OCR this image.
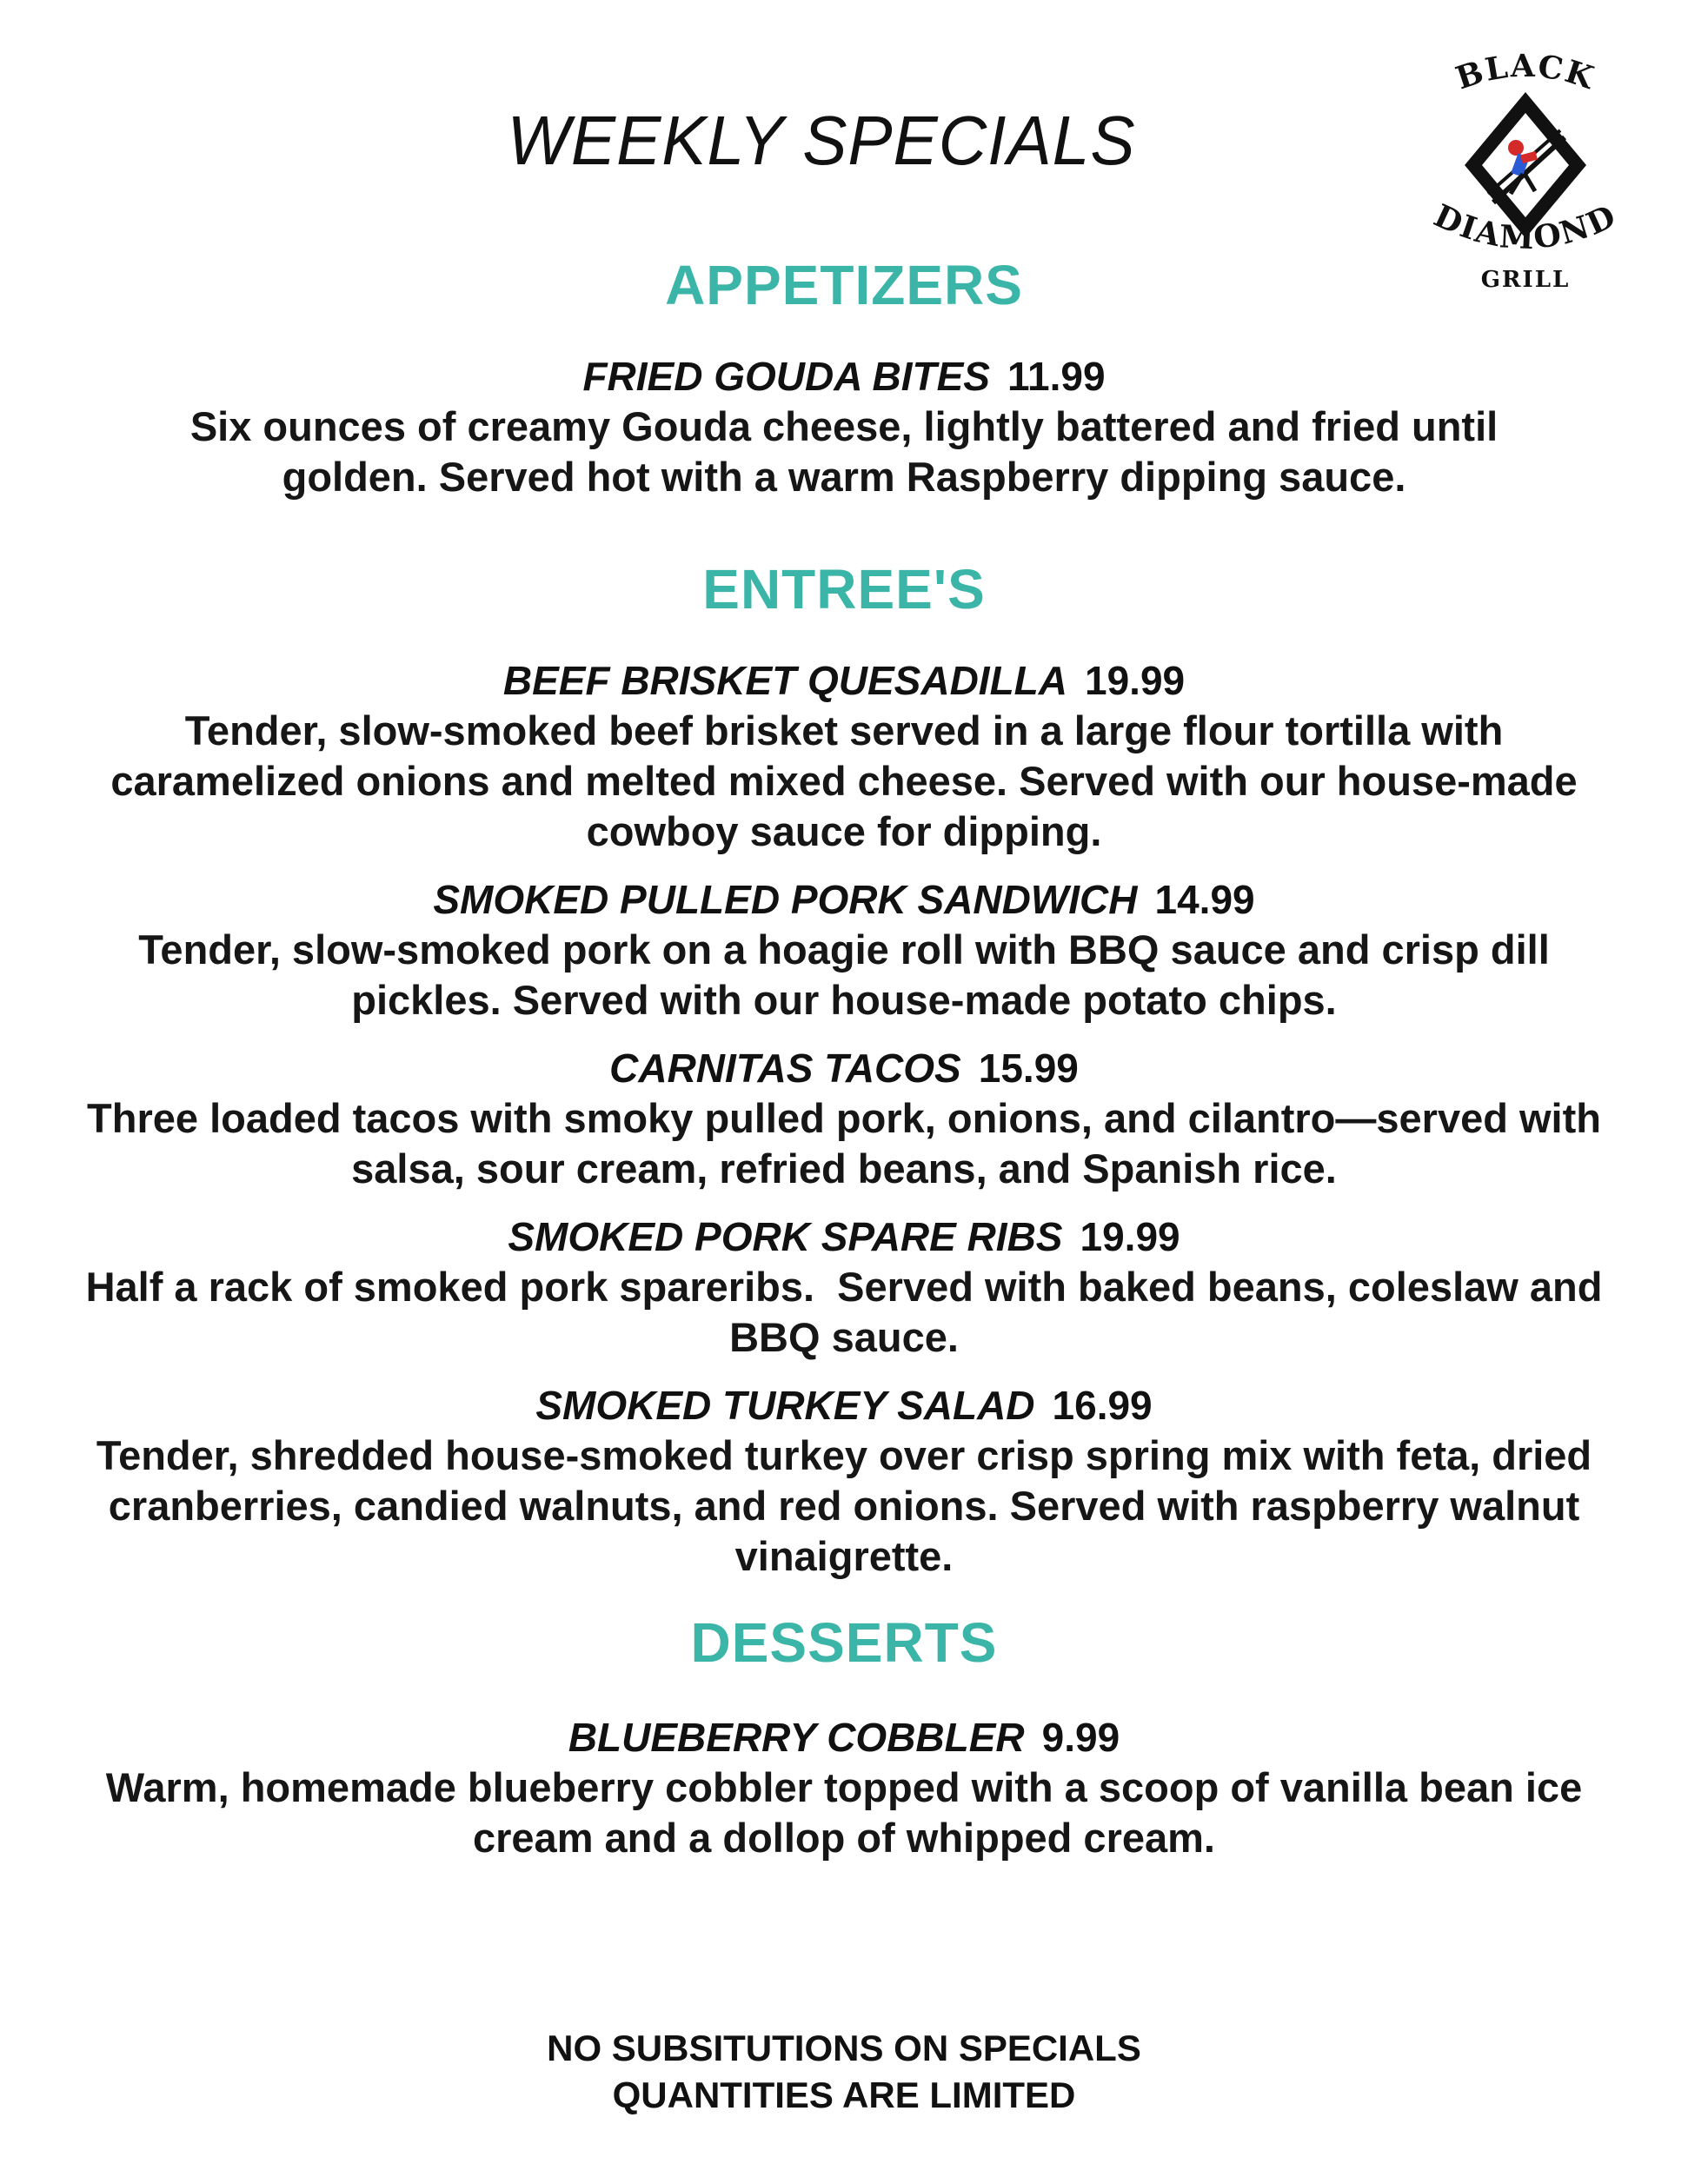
WEEKLY SPECIALS
BLACK
DIAMOND
GRILL
APPETIZERS
FRIED GOUDA BITES 11.99
Six ounces of creamy Gouda cheese, lightly battered and fried until golden. Served hot with a warm Raspberry dipping sauce.
ENTREE'S
BEEF BRISKET QUESADILLA 19.99
Tender, slow-smoked beef brisket served in a large flour tortilla with caramelized onions and melted mixed cheese. Served with our house-made cowboy sauce for dipping.
SMOKED PULLED PORK SANDWICH 14.99
Tender, slow-smoked pork on a hoagie roll with BBQ sauce and crisp dill pickles. Served with our house-made potato chips.
CARNITAS TACOS 15.99
Three loaded tacos with smoky pulled pork, onions, and cilantro—served with salsa, sour cream, refried beans, and Spanish rice.
SMOKED PORK SPARE RIBS 19.99
Half a rack of smoked pork spareribs.  Served with baked beans, coleslaw and BBQ sauce.
SMOKED TURKEY SALAD 16.99
Tender, shredded house-smoked turkey over crisp spring mix with feta, dried cranberries, candied walnuts, and red onions. Served with raspberry walnut vinaigrette.
DESSERTS
BLUEBERRY COBBLER 9.99
Warm, homemade blueberry cobbler topped with a scoop of vanilla bean ice cream and a dollop of whipped cream.
NO SUBSITUTIONS ON SPECIALS
QUANTITIES ARE LIMITED
